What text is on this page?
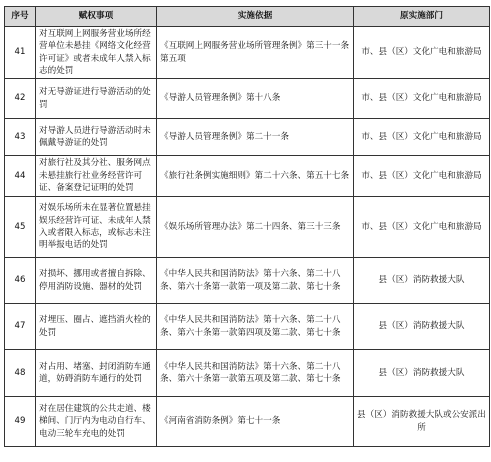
序号	赋权事项	实施依据	原实施部门
41	对互联网上网服务营业场所经营单位未悬挂《网络文化经营许可证》或者未成年人禁入标志的处罚	《互联网上网服务营业场所管理条例》第三十一条第五项	市、县（区）文化广电和旅游局
42	对无导游证进行导游活动的处罚	《导游人员管理条例》第十八条	市、县（区）文化广电和旅游局
43	对导游人员进行导游活动时未佩戴导游证的处罚	《导游人员管理条例》第二十一条	市、县（区）文化广电和旅游局
44	对旅行社及其分社、服务网点未悬挂旅行社业务经营许可证、备案登记证明的处罚	《旅行社条例实施细则》第二十六条、第五十七条	市、县（区）文化广电和旅游局
45	对娱乐场所未在显著位置悬挂娱乐经营许可证、未成年人禁入或者限入标志，或标志未注明举报电话的处罚	《娱乐场所管理办法》第二十四条、第三十三条	市、县（区）文化广电和旅游局
46	对损坏、挪用或者擅自拆除、停用消防设施、器材的处罚	《中华人民共和国消防法》第十六条、第二十八条、第六十条第一款第一项及第二款、第七十条	县（区）消防救援大队
47	对埋压、圈占、遮挡消火栓的处罚	《中华人民共和国消防法》第十六条、第二十八条、第六十条第一款第四项及第二款、第七十条	县（区）消防救援大队
48	对占用、堵塞、封闭消防车通道，妨碍消防车通行的处罚	《中华人民共和国消防法》第十六条、第二十八条、第六十条第一款第五项及第二款、第七十条	县（区）消防救援大队
49	对在居住建筑的公共走道、楼梯间、门厅内为电动自行车、电动三轮车充电的处罚	《河南省消防条例》第七十一条	县（区）消防救援大队或公安派出所
